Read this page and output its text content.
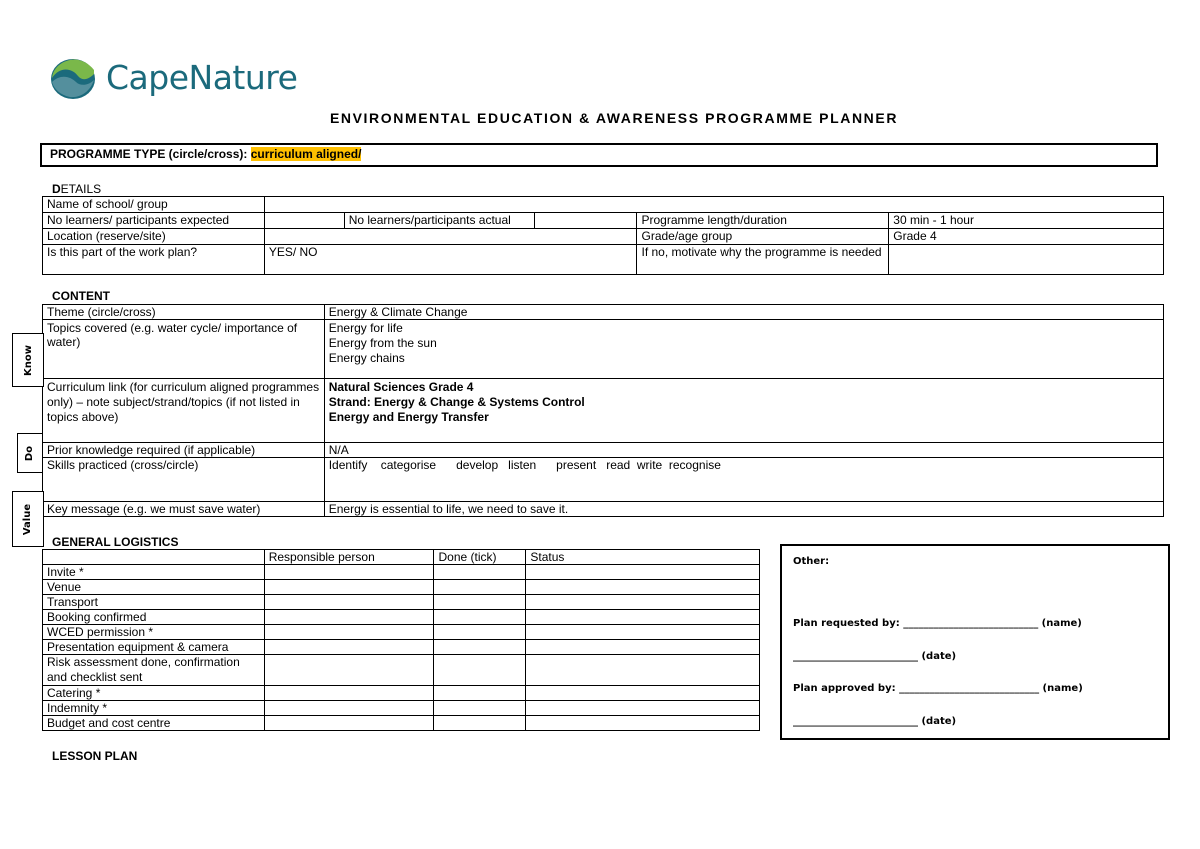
CapeNature
ENVIRONMENTAL EDUCATION & AWARENESS PROGRAMME PLANNER
PROGRAMME TYPE (circle/cross): curriculum aligned/
DETAILS
Name of school/ group					
No learners/ participants expected		No learners/participants actual		Programme length/duration	30 min - 1 hour
Location (reserve/site)				Grade/age group	Grade 4
Is this part of the work plan?	YES/ NO			If no, motivate why the programme is needed	
CONTENT
Theme (circle/cross)	Energy & Climate Change
Topics covered (e.g. water cycle/ importance of water)	Energy for life
Energy from the sun
Energy chains

Curriculum link (for curriculum aligned programmes only) – note subject/strand/topics (if not listed in topics above)	Natural Sciences Grade 4
Strand: Energy & Change & Systems Control
Energy and Energy Transfer

Prior knowledge required (if applicable)	N/A
Skills practiced (cross/circle)	Identify    categorise      develop   listen      present   read  write  recognise
Key message (e.g. we must save water)	Energy is essential to life, we need to save it.
Know
Do
Value
GENERAL LOGISTICS
	Responsible person	Done (tick)	Status
Invite *			
Venue			
Transport			
Booking confirmed			
WCED permission *			
Presentation equipment & camera			
Risk assessment done, confirmation and checklist sent			
Catering *			
Indemnity *			
Budget and cost centre			
Other:
Plan requested by: ___________________________ (name)
_________________________ (date)
Plan approved by: ____________________________ (name)
_________________________ (date)
LESSON PLAN
